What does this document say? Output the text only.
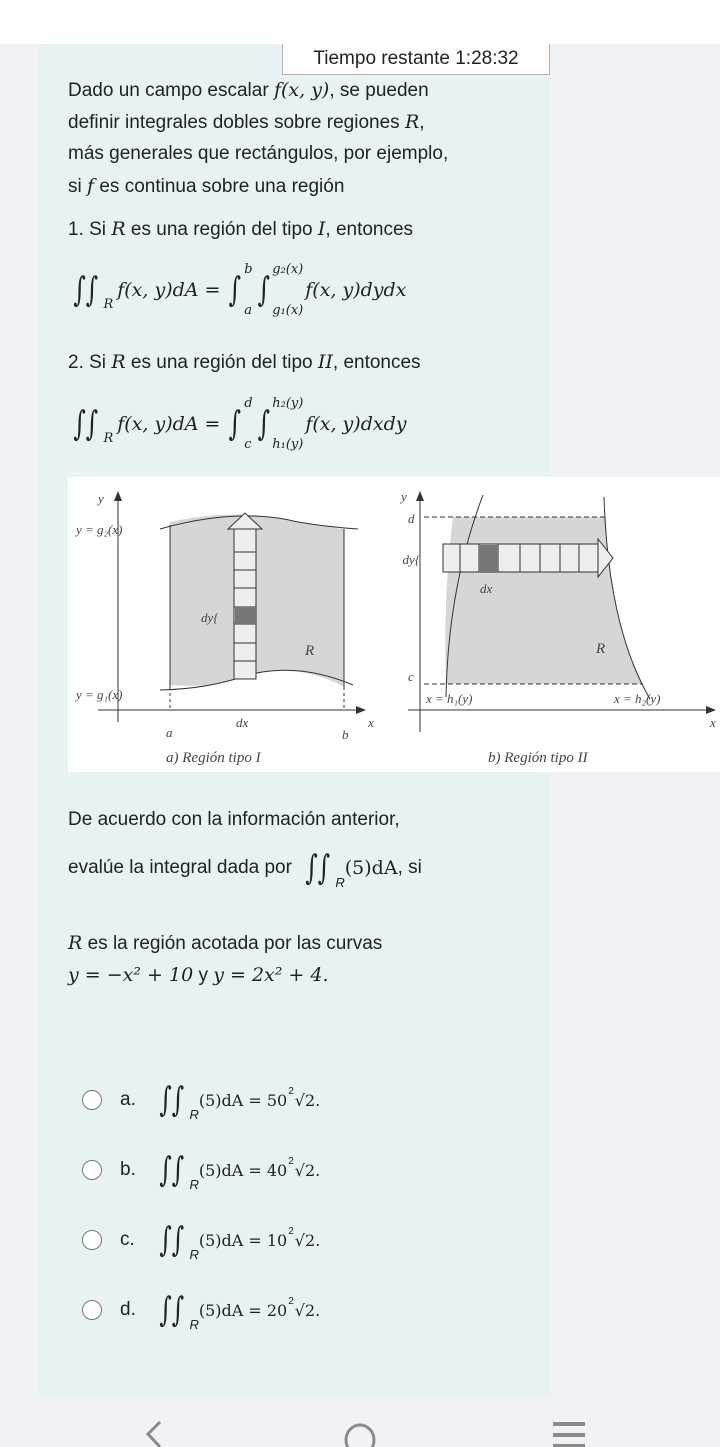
Tiempo restante 1:28:32
Dado un campo escalar f(x, y), se pueden
definir integrales dobles sobre regiones R,
más generales que rectángulos, por ejemplo,
si f es continua sobre una región
1. Si R es una región del tipo I, entonces
∫∫ R
f(x, y)dA = ∫
b
a
∫
g₂(x)
g₁(x)
f(x, y)dydx
2. Si R es una región del tipo II, entonces
∫∫ R
f(x, y)dA = ∫
d
c
∫
h₂(y)
h₁(y)
f(x, y)dxdy
y = g₂(x)
y = g₁(x)
y
x
dy{
dx
R
a	b
a) Región tipo I
y
d
c
x
dy{
dx
R
x = h₁(y)	x = h₂(y)
b) Región tipo II
De acuerdo con la información anterior,
evalúe la integral dada por ∫∫ R
(5)dA , si
R es la región acotada por las curvas
y = −x² + 10 y y = 2x² + 4.
a. ∫∫ R
(5)dA = 50 2 √2.
b. ∫∫ R
(5)dA = 40 2 √2.
c. ∫∫ R
(5)dA = 10 2 √2.
d. ∫∫ R
(5)dA = 20 2 √2.
